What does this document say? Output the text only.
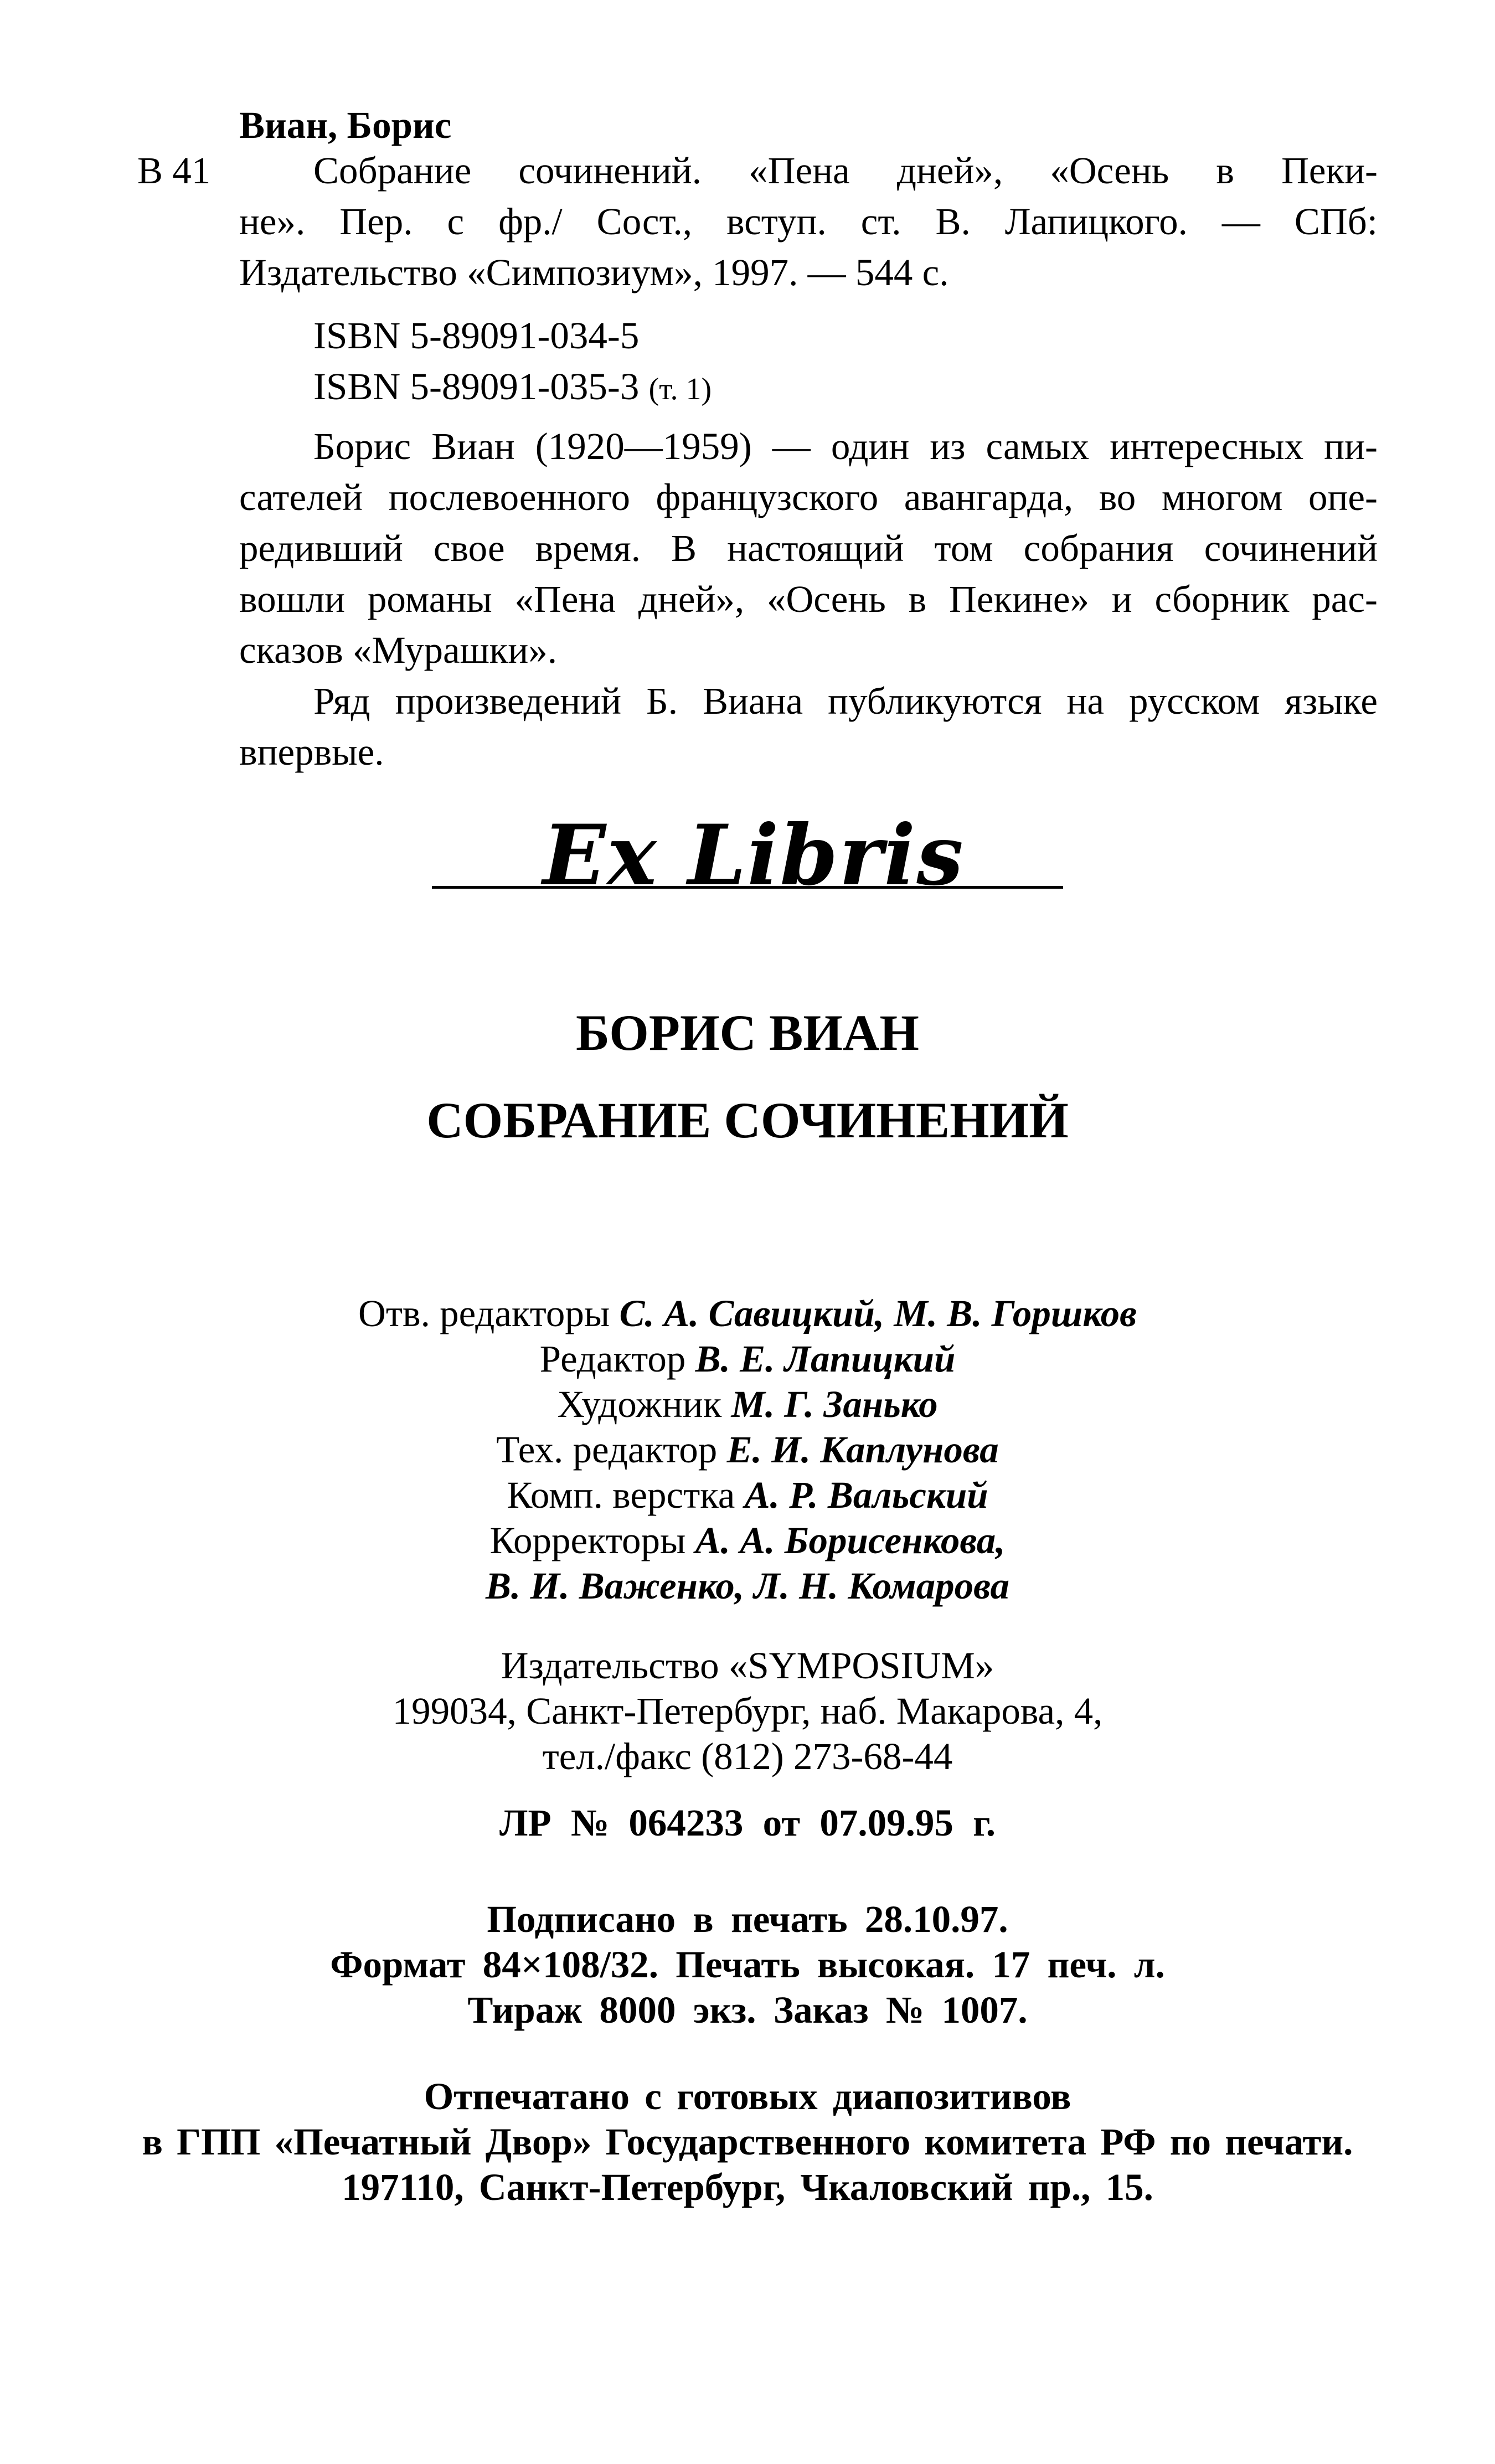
Виан, Борис
В 41	Собрание сочинений. «Пена дней», «Осень в Пеки-
не». Пер. с фр./ Сост., вступ. ст. В. Лапицкого. — СПб:
Издательство «Симпозиум», 1997. — 544 с.
ISBN 5-89091-034-5
ISBN 5-89091-035-3 (т. 1)
Борис Виан (1920—1959) — один из самых интересных пи-
сателей послевоенного французского авангарда, во многом опе-
редивший свое время. В настоящий том собрания сочинений
вошли романы «Пена дней», «Осень в Пекине» и сборник рас-
сказов «Мурашки».
Ряд произведений Б. Виана публикуются на русском языке
впервые.
Ex Libris
БОРИС ВИАН
СОБРАНИЕ СОЧИНЕНИЙ
Отв. редакторы С. А. Савицкий, М. В. Горшков
Редактор В. Е. Лапицкий
Художник М. Г. Занько
Тех. редактор Е. И. Каплунова
Комп. верстка А. Р. Вальский
Корректоры А. А. Борисенкова,
В. И. Важенко, Л. Н. Комарова
Издательство «SYMPOSIUM»
199034, Санкт-Петербург, наб. Макарова, 4,
тел./факс (812) 273-68-44
ЛР № 064233 от 07.09.95 г.
Подписано в печать 28.10.97.
Формат 84×108/32. Печать высокая. 17 печ. л.
Тираж 8000 экз. Заказ № 1007.
Отпечатано с готовых диапозитивов
в ГПП «Печатный Двор» Государственного комитета РФ по печати.
197110, Санкт-Петербург, Чкаловский пр., 15.
